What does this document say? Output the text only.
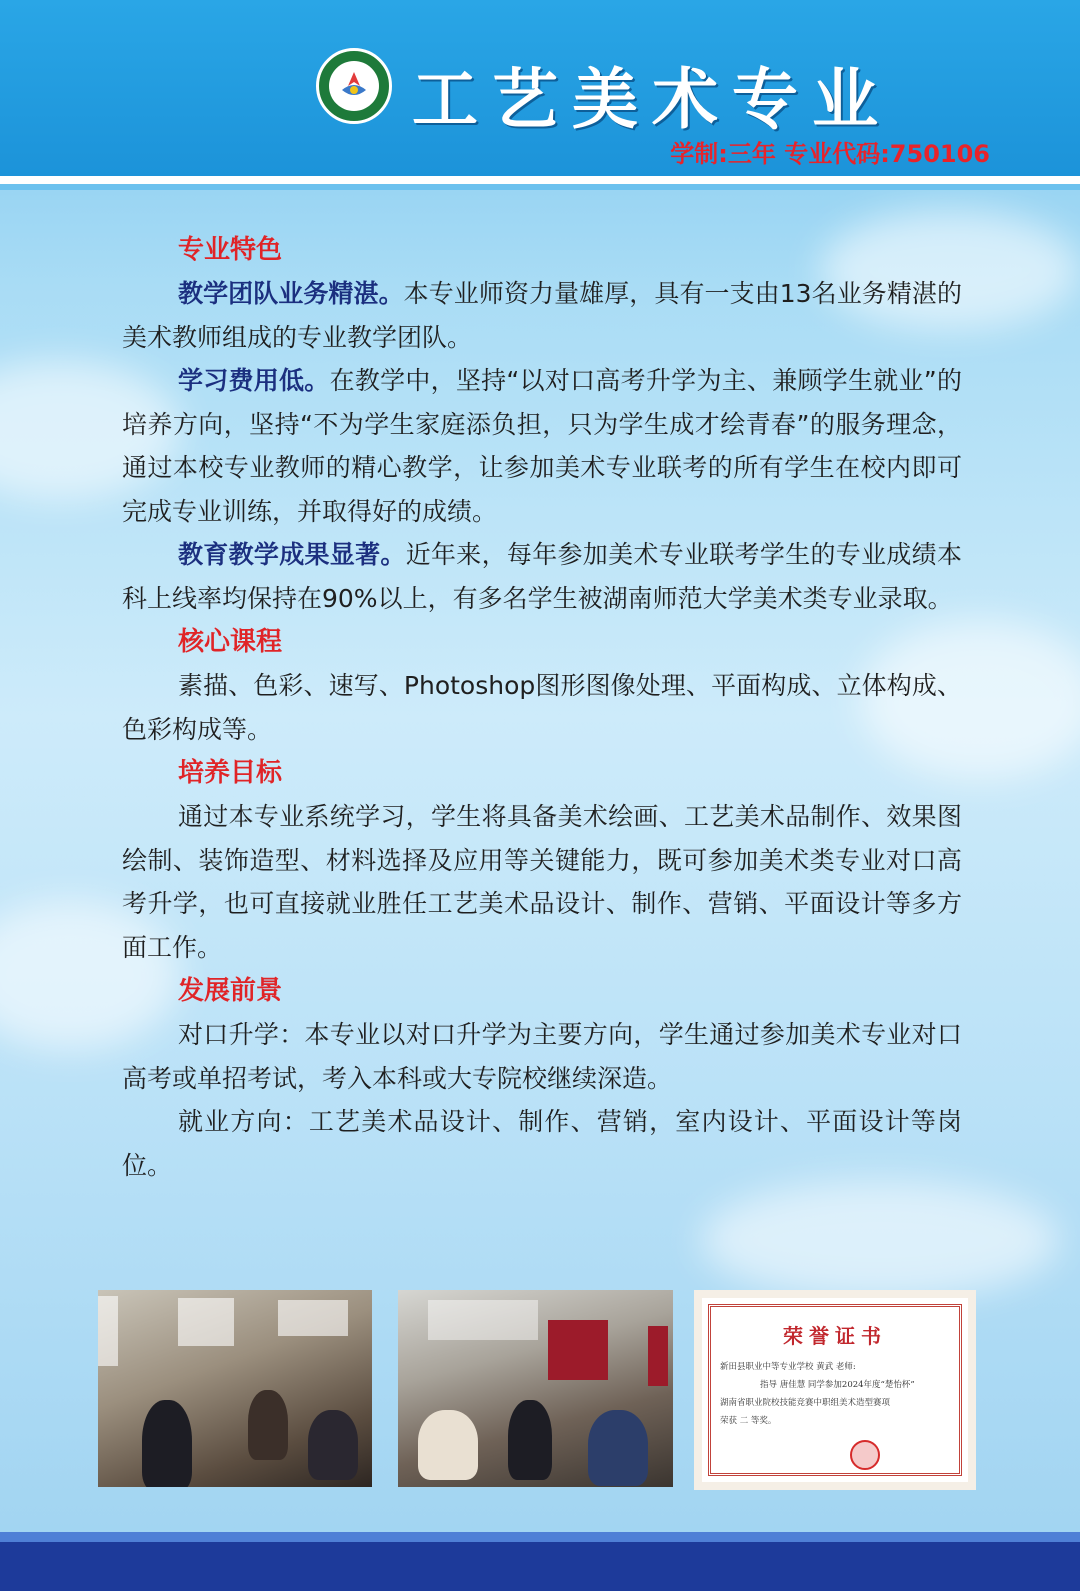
工艺美术专业
学制:三年 专业代码:750106
专业特色

教学团队业务精湛。本专业师资力量雄厚，具有一支由13名业务精湛的美术教师组成的专业教学团队。

学习费用低。在教学中，坚持“以对口高考升学为主、兼顾学生就业”的培养方向，坚持“不为学生家庭添负担，只为学生成才绘青春”的服务理念，通过本校专业教师的精心教学，让参加美术专业联考的所有学生在校内即可完成专业训练，并取得好的成绩。

教育教学成果显著。近年来，每年参加美术专业联考学生的专业成绩本科上线率均保持在90%以上，有多名学生被湖南师范大学美术类专业录取。

核心课程

素描、色彩、速写、Photoshop图形图像处理、平面构成、立体构成、色彩构成等。

培养目标

通过本专业系统学习，学生将具备美术绘画、工艺美术品制作、效果图绘制、装饰造型、材料选择及应用等关键能力，既可参加美术类专业对口高考升学，也可直接就业胜任工艺美术品设计、制作、营销、平面设计等多方面工作。

发展前景

对口升学：本专业以对口升学为主要方向，学生通过参加美术专业对口高考或单招考试，考入本科或大专院校继续深造。

就业方向：工艺美术品设计、制作、营销，室内设计、平面设计等岗位。

荣誉证书
新田县职业中等专业学校 黄武 老师:
指导 唐佳慧 同学参加2024年度“楚怡杯”
湖南省职业院校技能竞赛中职组美术造型赛项
荣获 二 等奖。
